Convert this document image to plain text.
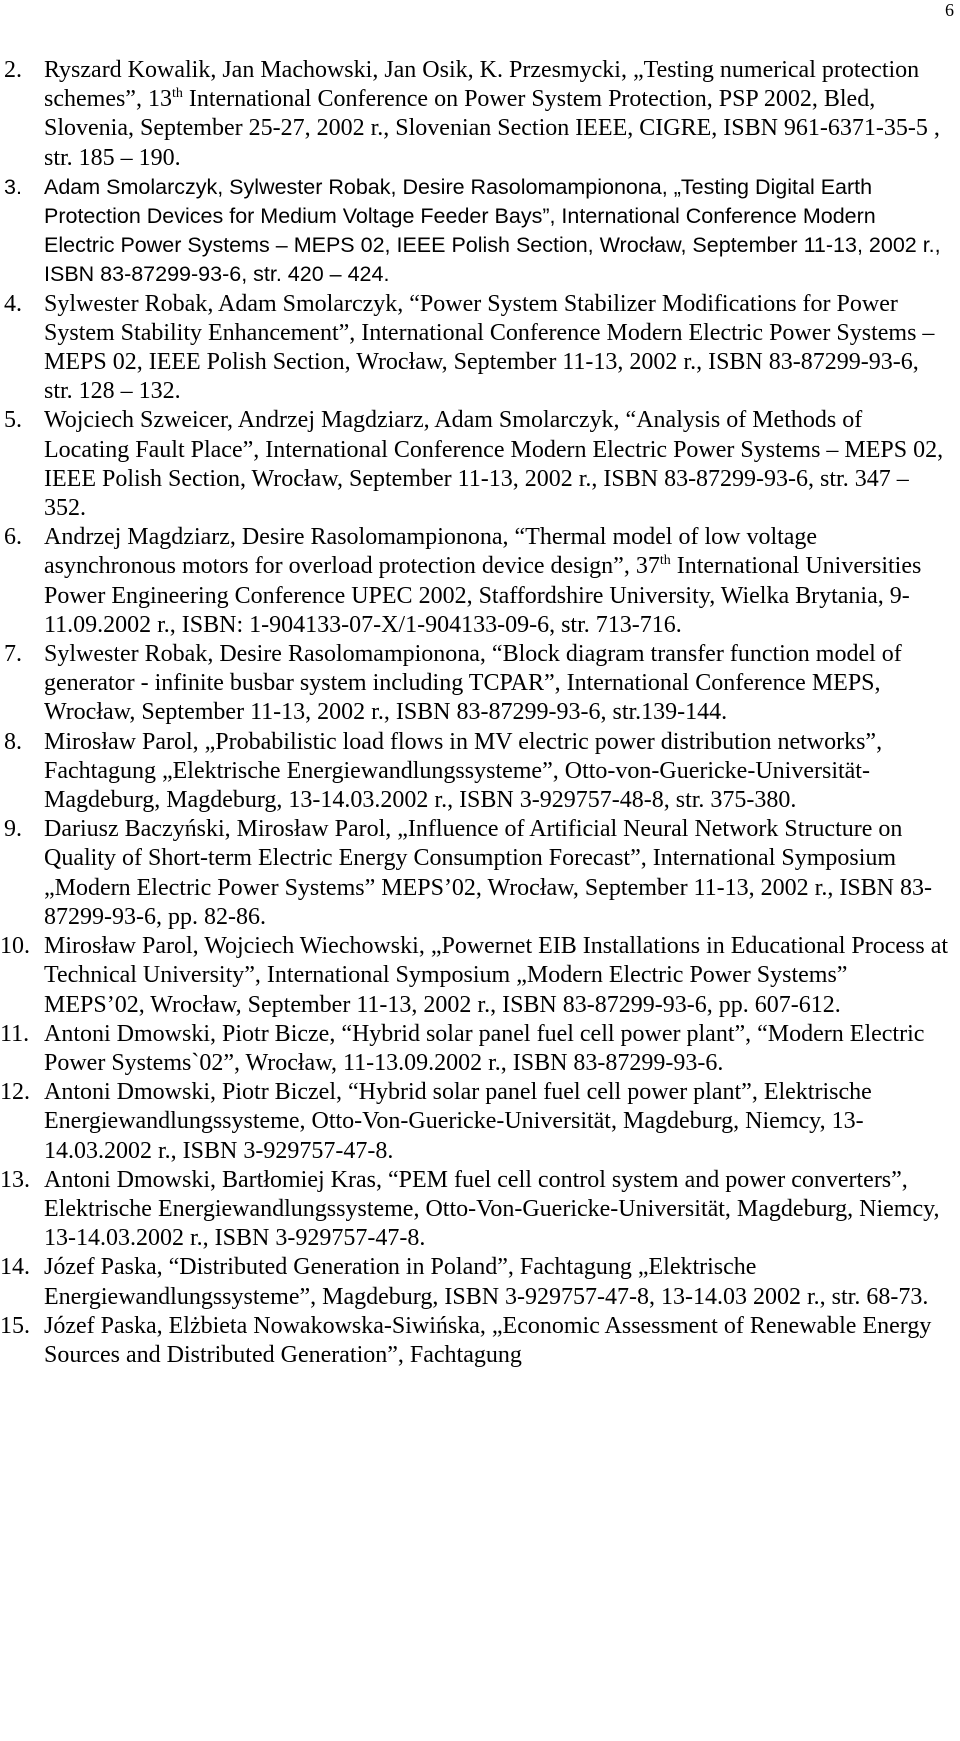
6
2. Ryszard Kowalik, Jan Machowski, Jan Osik, K. Przesmycki, „Testing numerical protection schemes”, 13th International Conference on Power System Protection, PSP 2002, Bled, Slovenia, September 25-27, 2002 r., Slovenian Section IEEE, CIGRE, ISBN 961-6371-35-5 , str. 185 – 190.
3.	Adam Smolarczyk, Sylwester Robak, Desire Rasolomampionona, „Testing Digital Earth Protection Devices for Medium Voltage Feeder Bays”, International Conference Modern Electric Power Systems – MEPS 02, IEEE Polish Section, Wrocław, September 11-13, 2002 r., ISBN 83-87299-93-6, str. 420 – 424.
4. Sylwester Robak, Adam Smolarczyk, “Power System Stabilizer Modifications for Power System Stability Enhancement”, International Conference Modern Electric Power Systems – MEPS 02, IEEE Polish Section, Wrocław, September 11-13, 2002 r., ISBN 83-87299-93-6, str. 128 – 132.
5. Wojciech Szweicer, Andrzej Magdziarz, Adam Smolarczyk, “Analysis of Methods of Locating Fault Place”, International Conference Modern Electric Power Systems – MEPS 02, IEEE Polish Section, Wrocław, September 11-13, 2002 r., ISBN 83-87299-93-6, str. 347 – 352.
6. Andrzej Magdziarz, Desire Rasolomampionona, “Thermal model of low voltage asynchronous motors for overload protection device design”, 37th International Universities Power Engineering Conference UPEC 2002, Staffordshire University, Wielka Brytania, 9-11.09.2002 r., ISBN: 1-904133-07-X/1-904133-09-6, str. 713-716.
7. Sylwester Robak, Desire Rasolomampionona, “Block diagram transfer function model of generator - infinite busbar system including TCPAR”, International Conference MEPS, Wrocław, September 11-13, 2002 r., ISBN 83-87299-93-6, str.139-144.
8. Mirosław Parol, „Probabilistic load flows in MV electric power distribution networks”, Fachtagung „Elektrische Energiewandlungssysteme”, Otto-von-Guericke-Universität-Magdeburg, Magdeburg, 13-14.03.2002 r., ISBN 3-929757-48-8, str. 375-380.
9. Dariusz Baczyński, Mirosław Parol, „Influence of Artificial Neural Network Structure on Quality of Short-term Electric Energy Consumption Forecast”, International Symposium „Modern Electric Power Systems” MEPS’02, Wrocław, September 11-13, 2002 r., ISBN 83-87299-93-6, pp. 82-86.
10. Mirosław Parol, Wojciech Wiechowski, „Powernet EIB Installations in Educational Process at Technical University”, International Symposium „Modern Electric Power Systems” MEPS’02, Wrocław, September 11-13, 2002 r., ISBN 83-87299-93-6, pp. 607-612.
11. Antoni Dmowski, Piotr Bicze, “Hybrid solar panel fuel cell power plant”, “Modern Electric Power Systems`02”, Wrocław, 11-13.09.2002 r., ISBN 83-87299-93-6.
12. Antoni Dmowski, Piotr Biczel, “Hybrid solar panel fuel cell power plant”, Elektrische Energiewandlungssysteme, Otto-Von-Guericke-Universität, Magdeburg, Niemcy, 13-14.03.2002 r., ISBN 3-929757-47-8.
13. Antoni Dmowski, Bartłomiej Kras, “PEM fuel cell control system and power converters”, Elektrische Energiewandlungssysteme, Otto-Von-Guericke-Universität, Magdeburg, Niemcy, 13-14.03.2002 r., ISBN 3-929757-47-8.
14. Józef Paska, “Distributed Generation in Poland”, Fachtagung „Elektrische Energiewandlungssysteme”, Magdeburg, ISBN 3-929757-47-8, 13-14.03 2002 r., str. 68-73.
15. Józef Paska, Elżbieta Nowakowska-Siwińska, „Economic Assessment of Renewable Energy Sources and Distributed Generation”, Fachtagung
